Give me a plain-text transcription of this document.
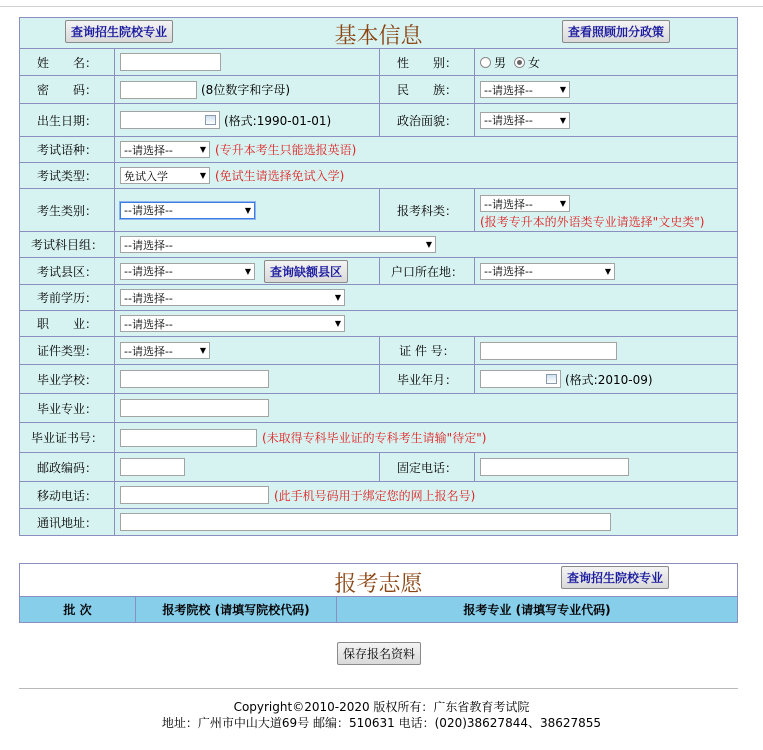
查询招生院校专业	基本信息	查看照顾加分政策
姓　　名：	性　　别：	男 女
密　　码：	(8位数字和字母)	民　　族：	--请选择--	▼
出生日期：	(格式:1990-01-01)	政治面貌：	--请选择--	▼
考试语种：	--请选择--	▼ (专升本考生只能选报英语)
考试类型：	免试入学	▼ (免试生请选择免试入学)
考生类别：	--请选择--	▼	报考科类：	--请选择--	▼
(报考专升本的外语类专业请选择"文史类")
考试科目组：	--请选择--	▼
考试县区：	--请选择--	▼	查询缺额县区	户口所在地：	--请选择--	▼
考前学历：	--请选择--	▼
职　　业：	--请选择--	▼
证件类型：	--请选择--	▼	证 件 号：
毕业学校：	毕业年月：	(格式:2010-09)
毕业专业：
毕业证书号：	(未取得专科毕业证的专科考生请输"待定")
邮政编码：	固定电话：
移动电话：	(此手机号码用于绑定您的网上报名号)
通讯地址：
报考志愿	查询招生院校专业
批 次	报考院校 (请填写院校代码)	报考专业 (请填写专业代码)
保存报名资料
Copyright©2010-2020 版权所有：广东省教育考试院
地址：广州市中山大道69号 邮编：510631 电话：(020)38627844、38627855
